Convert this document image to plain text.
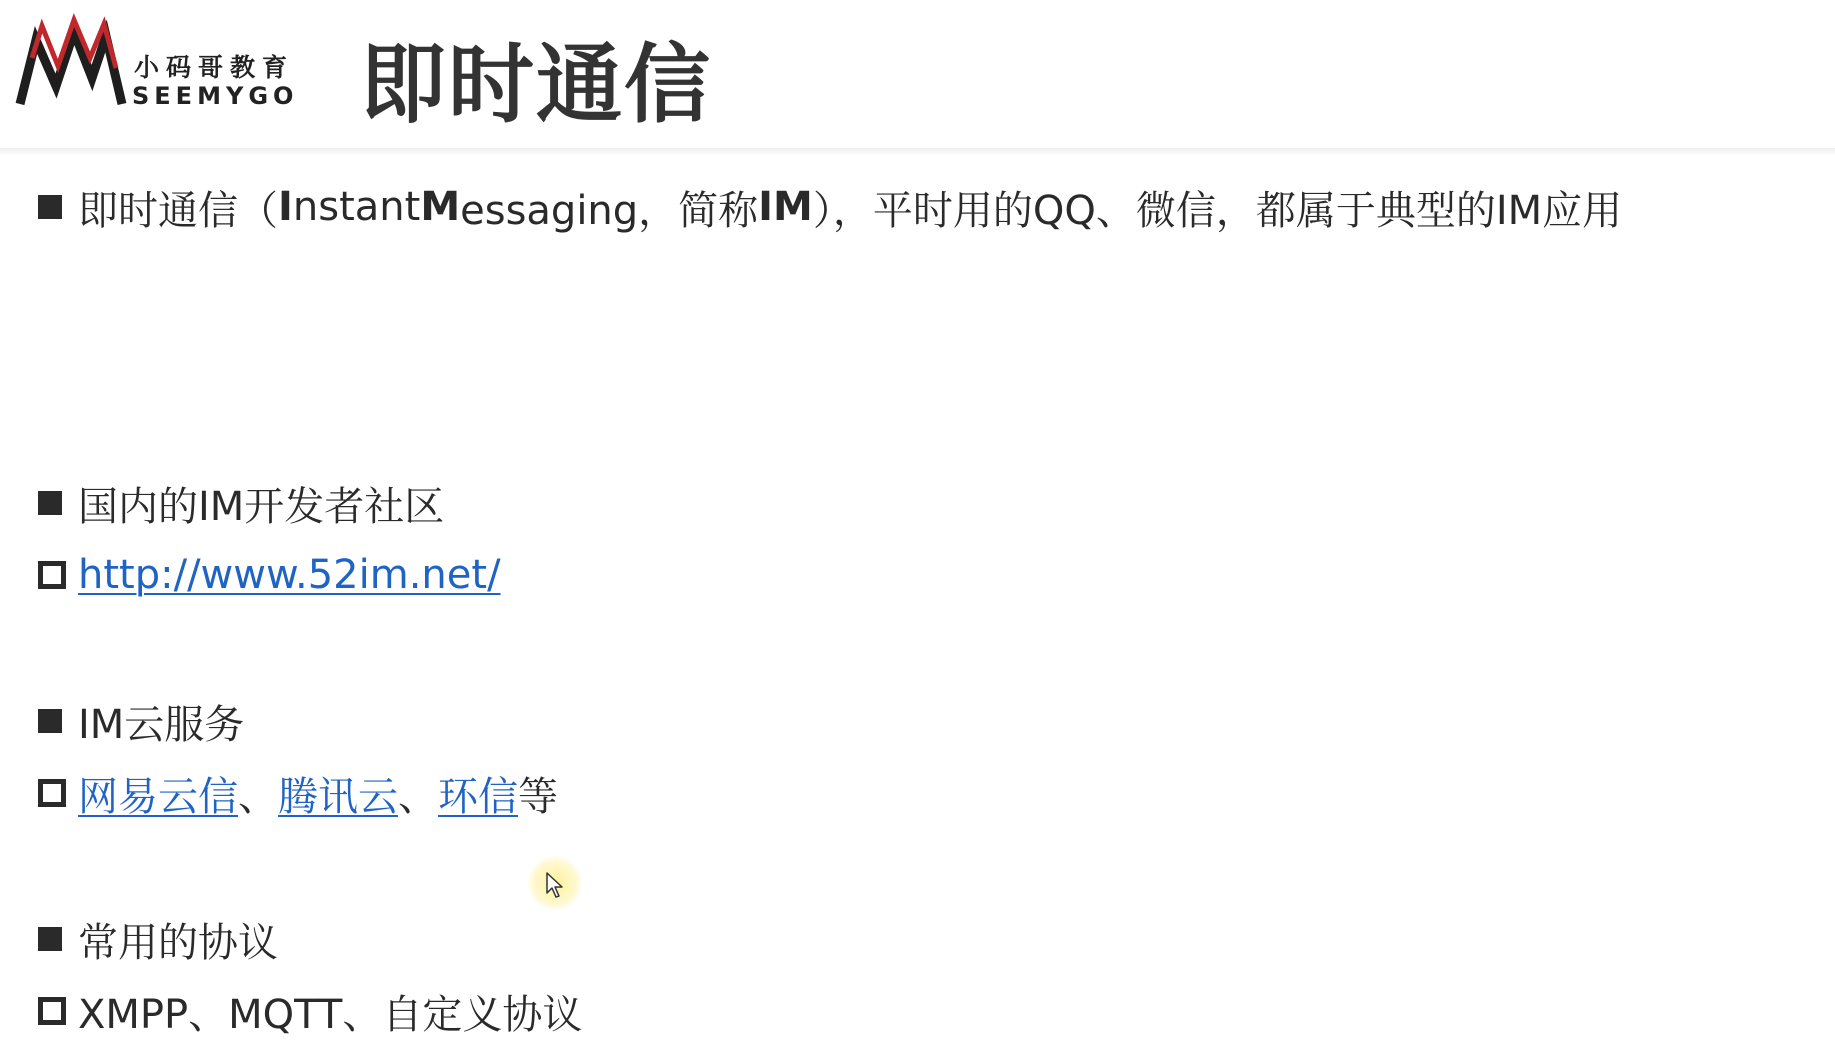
小码哥教育
SEEMYGO 即时通信
即时通信（ I nstant M essaging，简称 IM ），平时用的QQ、微信，都属于典型的IM应用
国内的IM开发者社区
http://www.52im.net/
IM云服务
网易云信 、 腾讯云 、 环信 等
常用的协议
XMPP、MQTT、自定义协议
